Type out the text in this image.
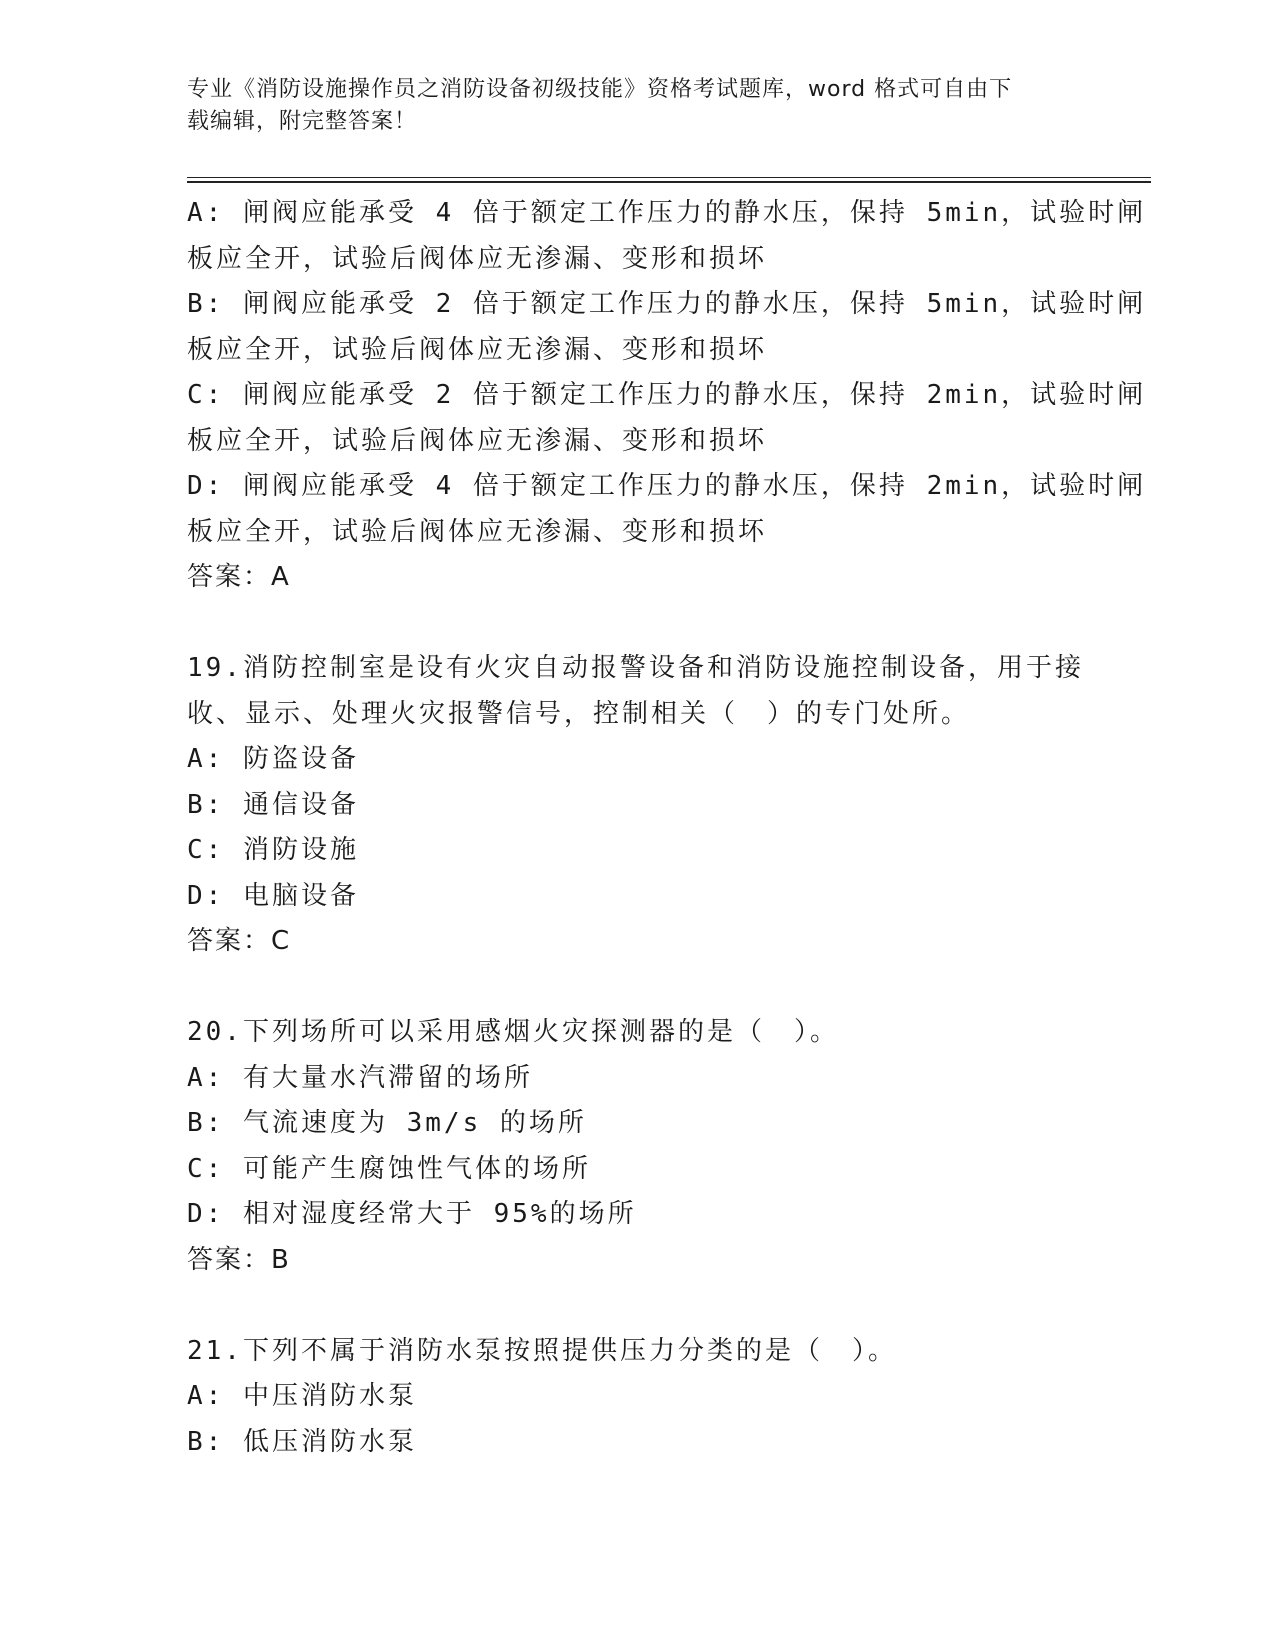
专业《消防设施操作员之消防设备初级技能》资格考试题库，word 格式可自由下
载编辑，附完整答案！
A: 闸阀应能承受 4 倍于额定工作压力的静水压，保持 5min，试验时闸
板应全开，试验后阀体应无渗漏、变形和损坏
B: 闸阀应能承受 2 倍于额定工作压力的静水压，保持 5min，试验时闸
板应全开，试验后阀体应无渗漏、变形和损坏
C: 闸阀应能承受 2 倍于额定工作压力的静水压，保持 2min，试验时闸
板应全开，试验后阀体应无渗漏、变形和损坏
D: 闸阀应能承受 4 倍于额定工作压力的静水压，保持 2min，试验时闸
板应全开，试验后阀体应无渗漏、变形和损坏
答案：A
19.消防控制室是设有火灾自动报警设备和消防设施控制设备，用于接
收、显示、处理火灾报警信号，控制相关（　）的专门处所。
A: 防盗设备
B: 通信设备
C: 消防设施
D: 电脑设备
答案：C
20.下列场所可以采用感烟火灾探测器的是（　）。
A: 有大量水汽滞留的场所
B: 气流速度为 3m/s 的场所
C: 可能产生腐蚀性气体的场所
D: 相对湿度经常大于 95%的场所
答案：B
21.下列不属于消防水泵按照提供压力分类的是（　）。
A: 中压消防水泵
B: 低压消防水泵
